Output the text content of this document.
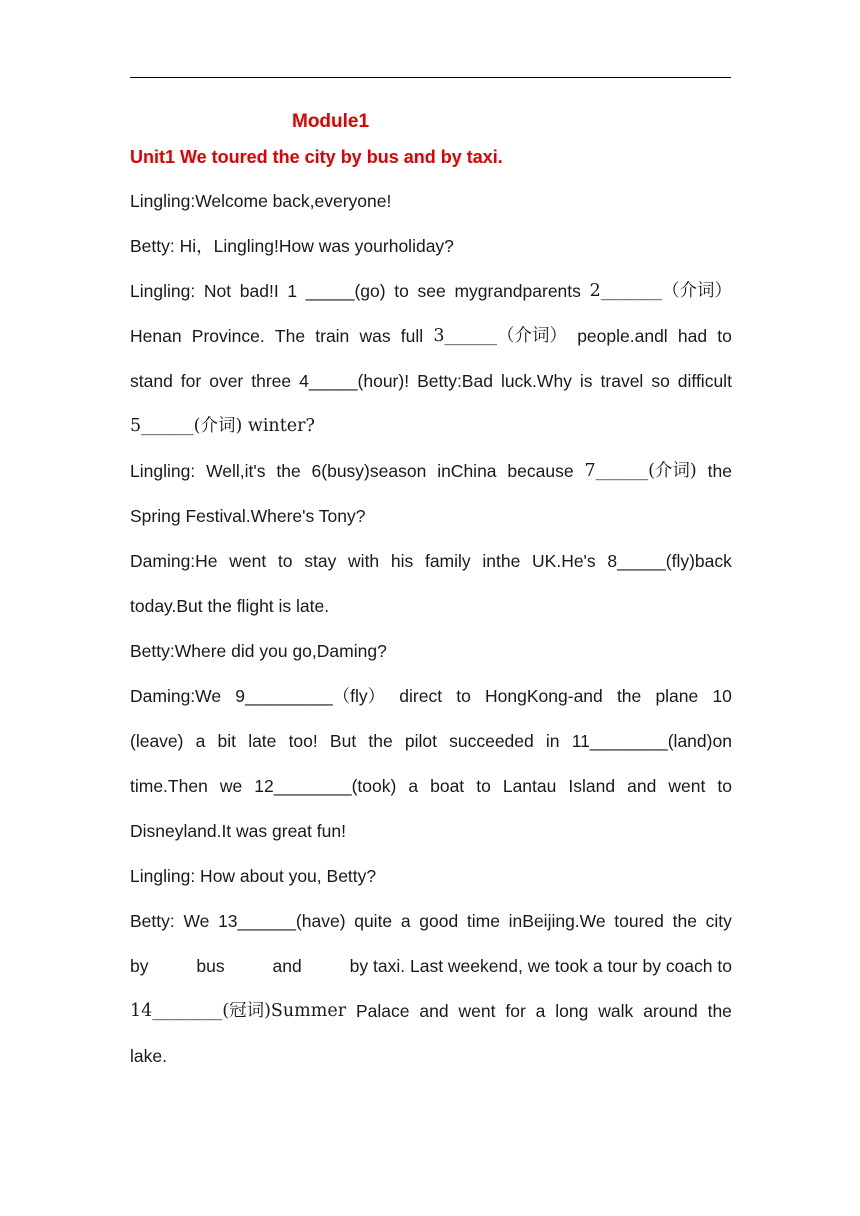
Module1
Unit1 We toured the city by bus and by taxi.
Lingling:Welcome back,everyone!
Betty: Hi，Lingling!How was yourholiday?
Lingling: Not bad!I 1 _____(go) to see mygrandparents 2_______（介词）
Henan Province. The train was full 3______（介词） people.andl had to
stand for over three 4_____(hour)! Betty:Bad luck.Why is travel so difficult
5______(介词) winter?
Lingling: Well,it's the 6(busy)season inChina because 7______(介词) the
Spring Festival.Where's Tony?
Daming:He went to stay with his family inthe UK.He's 8_____(fly)back
today.But the flight is late.
Betty:Where did you go,Daming?
Daming:We 9_________（fly） direct to HongKong-and the plane 10
(leave) a bit late too! But the pilot succeeded in 11________(land)on
time.Then we 12________(took) a boat to Lantau Island and went to
Disneyland.It was great fun!
Lingling: How about you, Betty?
Betty: We 13______(have) quite a good time inBeijing.We toured the city
by	bus	and	by taxi. Last weekend, we took a tour by coach to
14________(冠词)Summer Palace and went for a long walk around the
lake.
